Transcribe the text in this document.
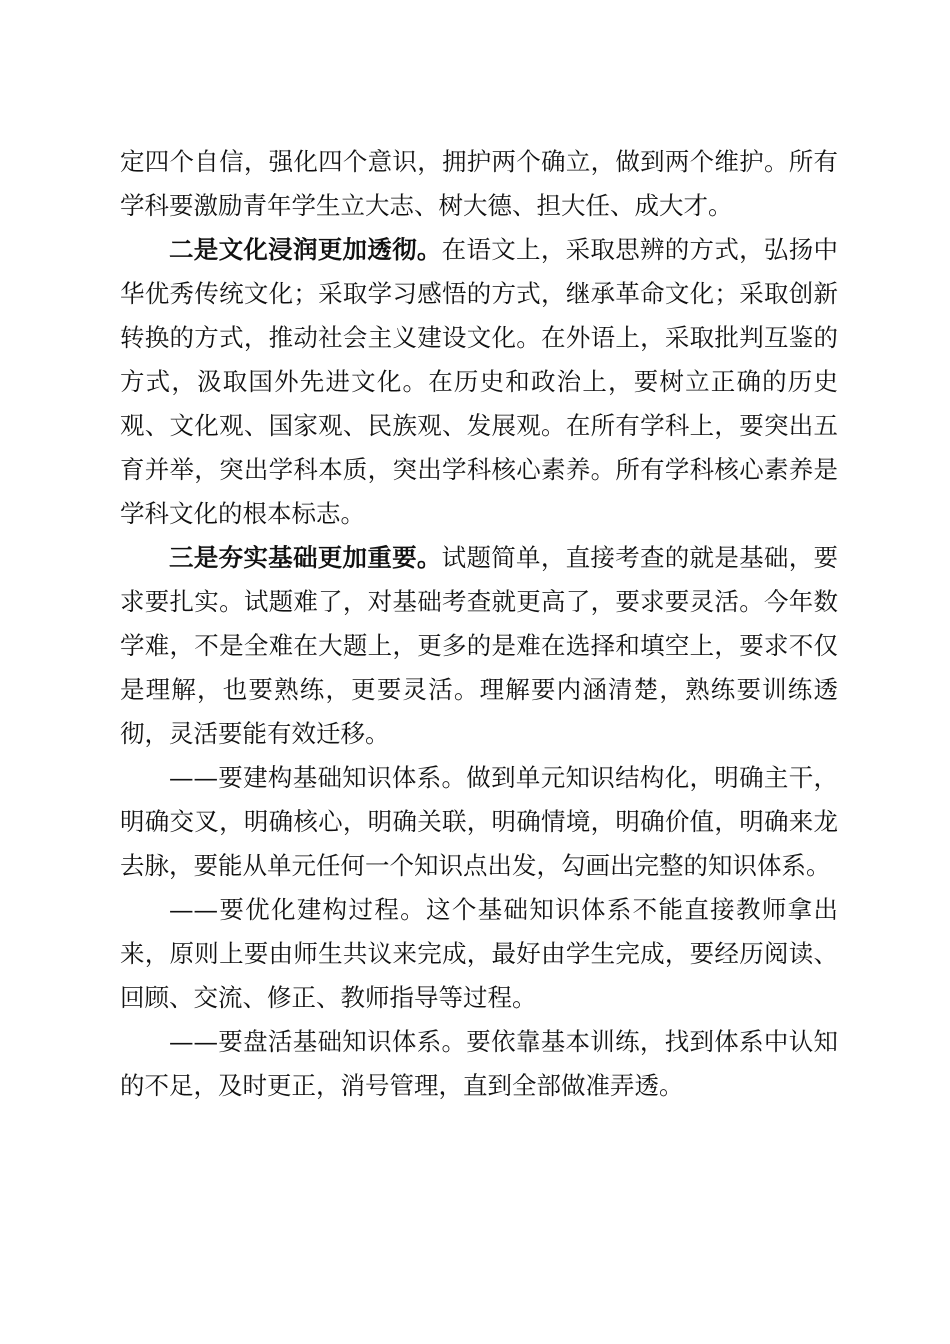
定四个自信，强化四个意识，拥护两个确立，做到两个维护。所有学科要激励青年学生立大志、树大德、担大任、成大才。

二是文化浸润更加透彻。在语文上，采取思辨的方式，弘扬中华优秀传统文化；采取学习感悟的方式，继承革命文化；采取创新转换的方式，推动社会主义建设文化。在外语上，采取批判互鉴的方式，汲取国外先进文化。在历史和政治上，要树立正确的历史观、文化观、国家观、民族观、发展观。在所有学科上，要突出五育并举，突出学科本质，突出学科核心素养。所有学科核心素养是学科文化的根本标志。

三是夯实基础更加重要。试题简单，直接考查的就是基础，要求要扎实。试题难了，对基础考查就更高了，要求要灵活。今年数学难，不是全难在大题上，更多的是难在选择和填空上，要求不仅是理解，也要熟练，更要灵活。理解要内涵清楚，熟练要训练透彻，灵活要能有效迁移。

——要建构基础知识体系。做到单元知识结构化，明确主干，明确交叉，明确核心，明确关联，明确情境，明确价值，明确来龙去脉，要能从单元任何一个知识点出发，勾画出完整的知识体系。

——要优化建构过程。这个基础知识体系不能直接教师拿出来，原则上要由师生共议来完成，最好由学生完成，要经历阅读、回顾、交流、修正、教师指导等过程。

——要盘活基础知识体系。要依靠基本训练，找到体系中认知的不足，及时更正，消号管理，直到全部做准弄透。
